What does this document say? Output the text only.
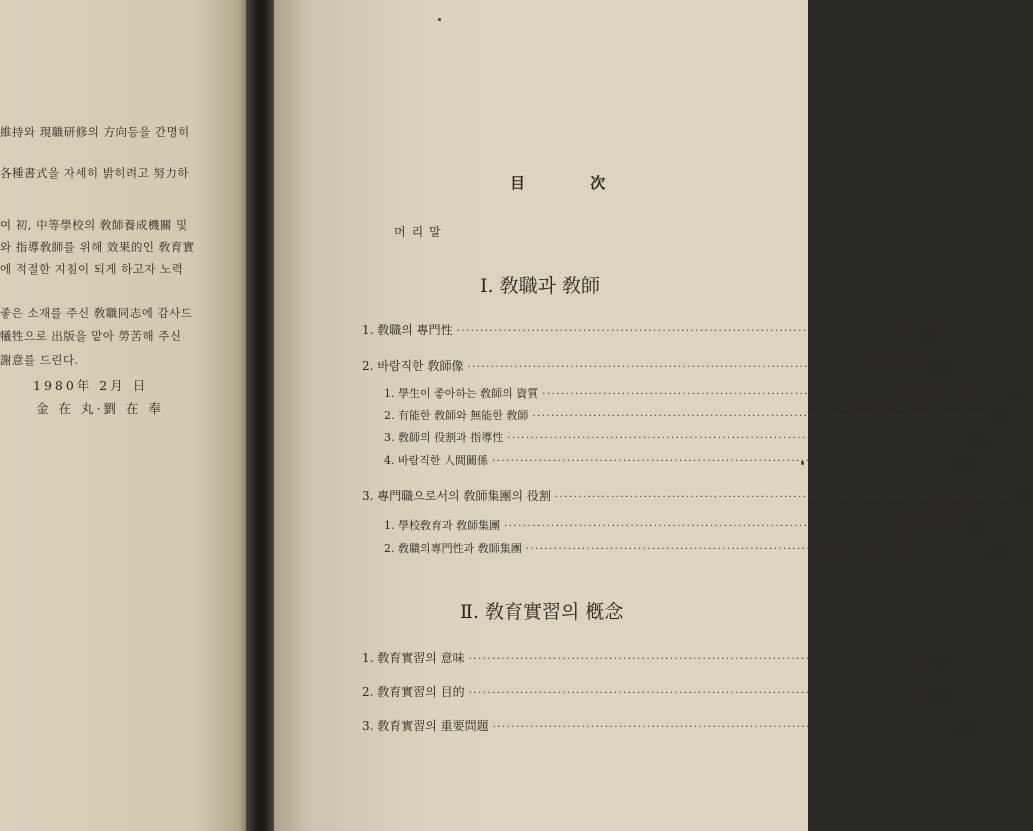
維持와 現職研修의 方向등을 간명히
各種書式을 자세히 밝히려고 努力하
여 初, 中等學校의 敎師養成機關 및
와 指導敎師를 위해 效果的인 敎育實
에 적절한 지침이 되게 하고자 노력
좋은 소재를 주신 敎職同志에 감사드
犧牲으로 出版을 맡아 勞苦해 주신
謝意를 드린다.
1980年 2月 日
金 在 丸·劉 在 奉
目 次
머리말
Ⅰ. 敎職과 敎師
1. 敎職의 專門性 ·································································································· 13
2. 바람직한 敎師像 ·································································································· 16
1. 學生이 좋아하는 敎師의 資質 ·································································································· 17
2. 有能한 敎師와 無能한 敎師 ·································································································· 21
3. 敎師의 役割과 指導性 ·································································································· 23
4. 바람직한 人間關係 ·································································································· 28
3. 專門職으로서의 敎師集團의 役割 ·································································································· 31
1. 學校敎育과 敎師集團 ·································································································· 31
2. 敎職의專門性과 敎師集團 ·································································································· 31
Ⅱ. 敎育實習의 槪念
1. 敎育實習의 意味 ·································································································· 35
2. 敎育實習의 目的 ·································································································· 40
3. 敎育實習의 重要問題 ·································································································· 43
